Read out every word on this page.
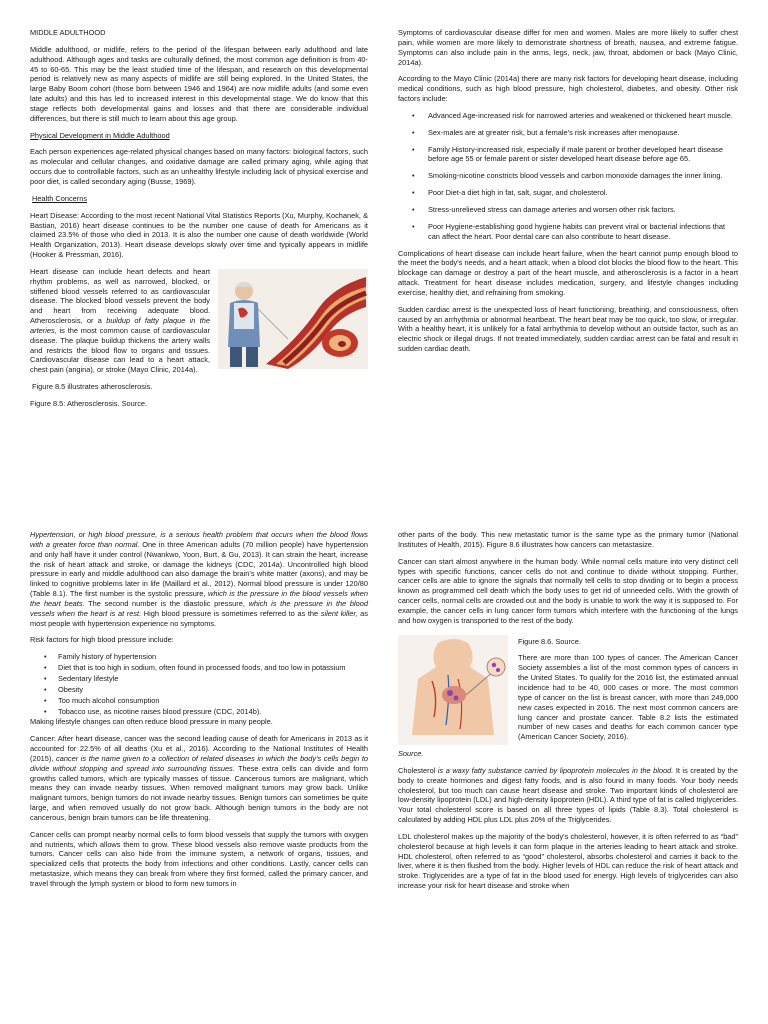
MIDDLE ADULTHOOD

Middle adulthood, or midlife, refers to the period of the lifespan between early adulthood and late adulthood. Although ages and tasks are culturally defined, the most common age definition is from 40-45 to 60-65. This may be the least studied time of the lifespan, and research on this developmental period is relatively new as many aspects of midlife are still being explored. In the United States, the large Baby Boom cohort (those born between 1946 and 1964) are now midlife adults (and some even late adults) and this has led to increased interest in this developmental stage. We do know that this stage reflects both developmental gains and losses and that there are considerable individual differences, but there is still much to learn about this age group.

Physical Development in Middle Adulthood

Each person experiences age-related physical changes based on many factors: biological factors, such as molecular and cellular changes, and oxidative damage are called primary aging, while aging that occurs due to controllable factors, such as an unhealthy lifestyle including lack of physical exercise and poor diet, is called secondary aging (Busse, 1969).

Health Concerns

Heart Disease: According to the most recent National Vital Statistics Reports (Xu, Murphy, Kochanek, & Bastian, 2016) heart disease continues to be the number one cause of death for Americans as it claimed 23.5% of those who died in 2013. It is also the number one cause of death worldwide (World Health Organization, 2013). Heart disease develops slowly over time and typically appears in midlife (Hooker & Pressman, 2016).

Heart disease can include heart defects and heart rhythm problems, as well as narrowed, blocked, or stiffened blood vessels referred to as cardiovascular disease. The blocked blood vessels prevent the body and heart from receiving adequate blood. Atherosclerosis, or a buildup of fatty plaque in the arteries, is the most common cause of cardiovascular disease. The plaque buildup thickens the artery walls and restricts the blood flow to organs and tissues. Cardiovascular disease can lead to a heart attack, chest pain (angina), or stroke (Mayo Clinic, 2014a).

Figure 8.5 illustrates atherosclerosis.

Figure 8.5: Atherosclerosis. Source.

Symptoms of cardiovascular disease differ for men and women. Males are more likely to suffer chest pain, while women are more likely to demonstrate shortness of breath, nausea, and extreme fatigue. Symptoms can also include pain in the arms, legs, neck, jaw, throat, abdomen or back (Mayo Clinic, 2014a).

According to the Mayo Clinic (2014a) there are many risk factors for developing heart disease, including medical conditions, such as high blood pressure, high cholesterol, diabetes, and obesity. Other risk factors include:

• Advanced Age-increased risk for narrowed arteries and weakened or thickened heart muscle.
• Sex-males are at greater risk, but a female's risk increases after menopause.
• Family History-increased risk, especially if male parent or brother developed heart disease before age 55 or female parent or sister developed heart disease before age 65.
• Smoking-nicotine constricts blood vessels and carbon monoxide damages the inner lining.
• Poor Diet-a diet high in fat, salt, sugar, and cholesterol.
• Stress-unrelieved stress can damage arteries and worsen other risk factors.
• Poor Hygiene-establishing good hygiene habits can prevent viral or bacterial infections that can affect the heart. Poor dental care can also contribute to heart disease.

Complications of heart disease can include heart failure, when the heart cannot pump enough blood to the meet the body's needs, and a heart attack, when a blood clot blocks the blood flow to the heart. This blockage can damage or destroy a part of the heart muscle, and atherosclerosis is a factor in a heart attack. Treatment for heart disease includes medication, surgery, and lifestyle changes including exercise, healthy diet, and refraining from smoking.

Sudden cardiac arrest is the unexpected loss of heart functioning, breathing, and consciousness, often caused by an arrhythmia or abnormal heartbeat. The heart beat may be too quick, too slow, or irregular. With a healthy heart, it is unlikely for a fatal arrhythmia to develop without an outside factor, such as an electric shock or illegal drugs. If not treated immediately, sudden cardiac arrest can be fatal and result in sudden cardiac death.

Hypertension, or high blood pressure, is a serious health problem that occurs when the blood flows with a greater force than normal. One in three American adults (70 million people) have hypertension and only half have it under control (Nwankwo, Yoon, Burt, & Gu, 2013). It can strain the heart, increase the risk of heart attack and stroke, or damage the kidneys (CDC, 2014a). Uncontrolled high blood pressure in early and middle adulthood can also damage the brain's white matter (axons), and may be linked to cognitive problems later in life (Maillard et al., 2012). Normal blood pressure is under 120/80 (Table 8.1). The first number is the systolic pressure, which is the pressure in the blood vessels when the heart beats. The second number is the diastolic pressure, which is the pressure in the blood vessels when the heart is at rest. High blood pressure is sometimes referred to as the silent killer, as most people with hypertension experience no symptoms.

Risk factors for high blood pressure include:

• Family history of hypertension
• Diet that is too high in sodium, often found in processed foods, and too low in potassium
• Sedentary lifestyle
• Obesity
• Too much alcohol consumption
• Tobacco use, as nicotine raises blood pressure (CDC, 2014b).

Making lifestyle changes can often reduce blood pressure in many people.

Cancer: After heart disease, cancer was the second leading cause of death for Americans in 2013 as it accounted for 22.5% of all deaths (Xu et al., 2016). According to the National Institutes of Health (2015), cancer is the name given to a collection of related diseases in which the body's cells begin to divide without stopping and spread into surrounding tissues. These extra cells can divide and form growths called tumors, which are typically masses of tissue. Cancerous tumors are malignant, which means they can invade nearby tissues. When removed malignant tumors may grow back. Unlike malignant tumors, benign tumors do not invade nearby tissues. Benign tumors can sometimes be quite large, and when removed usually do not grow back. Although benign tumors in the body are not cancerous, benign brain tumors can be life threatening.

Cancer cells can prompt nearby normal cells to form blood vessels that supply the tumors with oxygen and nutrients, which allows them to grow. These blood vessels also remove waste products from the tumors. Cancer cells can also hide from the immune system, a network of organs, tissues, and specialized cells that protects the body from infections and other conditions. Lastly, cancer cells can metastasize, which means they can break from where they first formed, called the primary cancer, and travel through the lymph system or blood to form new tumors in

other parts of the body. This new metastatic tumor is the same type as the primary tumor (National Institutes of Health, 2015). Figure 8.6 illustrates how cancers can metastasize.

Cancer can start almost anywhere in the human body. While normal cells mature into very distinct cell types with specific functions, cancer cells do not and continue to divide without stopping. Further, cancer cells are able to ignore the signals that normally tell cells to stop dividing or to begin a process known as programmed cell death which the body uses to get rid of unneeded cells. With the growth of cancer cells, normal cells are crowded out and the body is unable to work the way it is supposed to. For example, the cancer cells in lung cancer form tumors which interfere with the functioning of the lungs and how oxygen is transported to the rest of the body.

Figure 8.6. Source.

There are more than 100 types of cancer. The American Cancer Society assembles a list of the most common types of cancers in the United States. To qualify for the 2016 list, the estimated annual incidence had to be 40, 000 cases or more. The most common type of cancer on the list is breast cancer, with more than 249,000 new cases expected in 2016. The next most common cancers are lung cancer and prostate cancer. Table 8.2 lists the estimated number of new cases and deaths for each common cancer type (American Cancer Society, 2016).

Source.

Cholesterol is a waxy fatty substance carried by lipoprotein molecules in the blood. It is created by the body to create hormones and digest fatty foods, and is also found in many foods. Your body needs cholesterol, but too much can cause heart disease and stroke. Two important kinds of cholesterol are low-density lipoprotein (LDL) and high-density lipoprotein (HDL). A third type of fat is called triglycerides. Your total cholesterol score is based on all three types of lipids (Table 8.3). Total cholesterol is calculated by adding HDL plus LDL plus 20% of the Triglycerides.

LDL cholesterol makes up the majority of the body's cholesterol, however, it is often referred to as “bad” cholesterol because at high levels it can form plaque in the arteries leading to heart attack and stroke. HDL cholesterol, often referred to as “good” cholesterol, absorbs cholesterol and carries it back to the liver, where it is then flushed from the body. Higher levels of HDL can reduce the risk of heart attack and stroke. Triglycerides are a type of fat in the blood used for energy. High levels of triglycerides can also increase your risk for heart disease and stroke when
